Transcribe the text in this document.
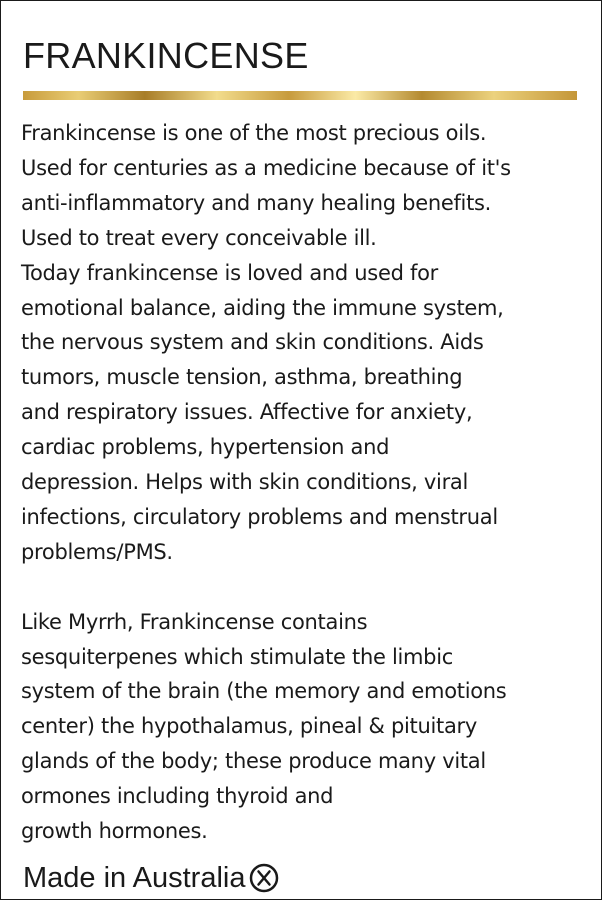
FRANKINCENSE

Frankincense is one of the most precious oils.
Used for centuries as a medicine because of it's
anti-inflammatory and many healing benefits.
Used to treat every conceivable ill.
Today frankincense is loved and used for
emotional balance, aiding the immune system,
the nervous system and skin conditions. Aids
tumors, muscle tension, asthma, breathing
and respiratory issues. Affective for anxiety,
cardiac problems, hypertension and
depression. Helps with skin conditions, viral
infections, circulatory problems and menstrual
problems/PMS.

Like Myrrh, Frankincense contains
sesquiterpenes which stimulate the limbic
system of the brain (the memory and emotions
center) the hypothalamus, pineal & pituitary
glands of the body; these produce many vital
ormones including thyroid and
growth hormones.

Made in Australia
